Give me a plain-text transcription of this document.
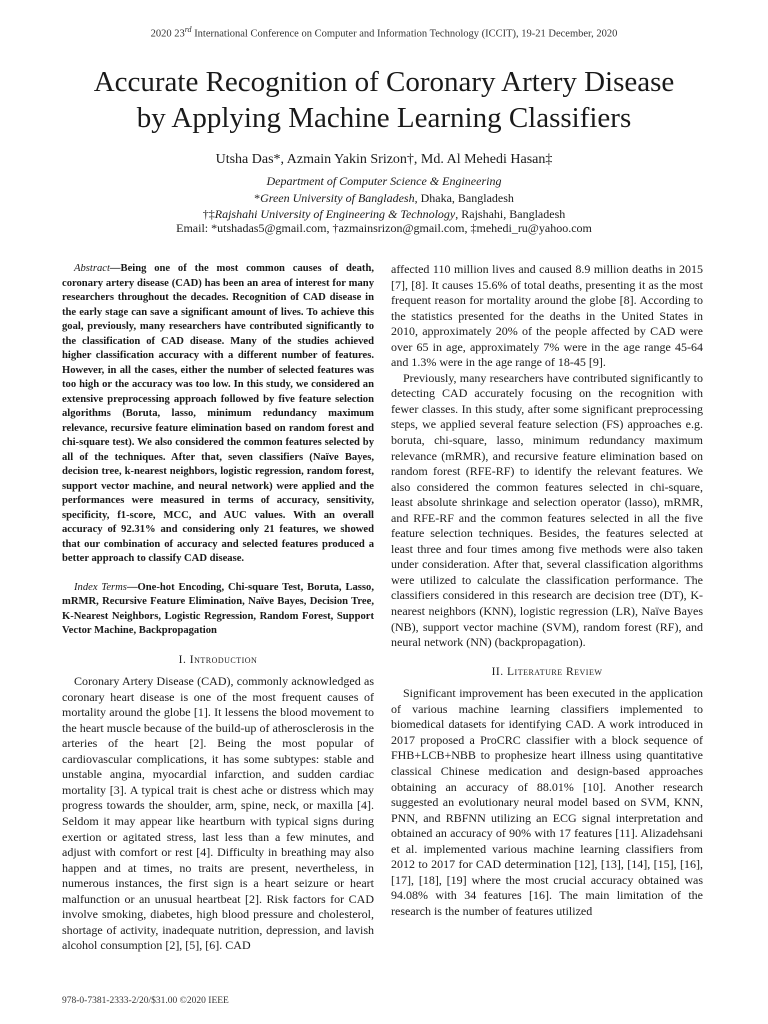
2020 23rd International Conference on Computer and Information Technology (ICCIT), 19-21 December, 2020
Accurate Recognition of Coronary Artery Disease
by Applying Machine Learning Classifiers
Utsha Das*, Azmain Yakin Srizon†, Md. Al Mehedi Hasan‡
Department of Computer Science & Engineering
*Green University of Bangladesh, Dhaka, Bangladesh
†‡Rajshahi University of Engineering & Technology, Rajshahi, Bangladesh
Email: *utshadas5@gmail.com, †azmainsrizon@gmail.com, ‡mehedi_ru@yahoo.com

Abstract—Being one of the most common causes of death, coronary artery disease (CAD) has been an area of interest for many researchers throughout the decades. Recognition of CAD disease in the early stage can save a significant amount of lives. To achieve this goal, previously, many researchers have contributed significantly to the classification of CAD disease. Many of the studies achieved higher classification accuracy with a different number of features. However, in all the cases, either the number of selected features was too high or the accuracy was too low. In this study, we considered an extensive preprocessing approach followed by five feature selection algorithms (Boruta, lasso, minimum redundancy maximum relevance, recursive feature elimination based on random forest and chi-square test). We also considered the common features selected by all of the techniques. After that, seven classifiers (Naïve Bayes, decision tree, k-nearest neighbors, logistic regression, random forest, support vector machine, and neural network) were applied and the performances were measured in terms of accuracy, sensitivity, specificity, f1-score, MCC, and AUC values. With an overall accuracy of 92.31% and considering only 21 features, we showed that our combination of accuracy and selected features produced a better approach to classify CAD disease.

Index Terms—One-hot Encoding, Chi-square Test, Boruta, Lasso, mRMR, Recursive Feature Elimination, Naïve Bayes, Decision Tree, K-Nearest Neighbors, Logistic Regression, Random Forest, Support Vector Machine, Backpropagation

I. Introduction

Coronary Artery Disease (CAD), commonly acknowledged as coronary heart disease is one of the most frequent causes of mortality around the globe [1]. It lessens the blood movement to the heart muscle because of the build-up of atherosclerosis in the arteries of the heart [2]. Being the most popular of cardiovascular complications, it has some subtypes: stable and unstable angina, myocardial infarction, and sudden cardiac mortality [3]. A typical trait is chest ache or distress which may progress towards the shoulder, arm, spine, neck, or maxilla [4]. Seldom it may appear like heartburn with typical signs during exertion or agitated stress, last less than a few minutes, and adjust with comfort or rest [4]. Difficulty in breathing may also happen and at times, no traits are present, nevertheless, in numerous instances, the first sign is a heart seizure or heart malfunction or an unusual heartbeat [2]. Risk factors for CAD involve smoking, diabetes, high blood pressure and cholesterol, shortage of activity, inadequate nutrition, depression, and lavish alcohol consumption [2], [5], [6]. CAD

affected 110 million lives and caused 8.9 million deaths in 2015 [7], [8]. It causes 15.6% of total deaths, presenting it as the most frequent reason for mortality around the globe [8]. According to the statistics presented for the deaths in the United States in 2010, approximately 20% of the people affected by CAD were over 65 in age, approximately 7% were in the age range 45-64 and 1.3% were in the age range of 18-45 [9].

Previously, many researchers have contributed significantly to detecting CAD accurately focusing on the recognition with fewer classes. In this study, after some significant preprocessing steps, we applied several feature selection (FS) approaches e.g. boruta, chi-square, lasso, minimum redundancy maximum relevance (mRMR), and recursive feature elimination based on random forest (RFE-RF) to identify the relevant features. We also considered the common features selected in chi-square, least absolute shrinkage and selection operator (lasso), mRMR, and RFE-RF and the common features selected in all the five feature selection techniques. Besides, the features selected at least three and four times among five methods were also taken under consideration. After that, several classification algorithms were utilized to calculate the classification performance. The classifiers considered in this research are decision tree (DT), K-nearest neighbors (KNN), logistic regression (LR), Naïve Bayes (NB), support vector machine (SVM), random forest (RF), and neural network (NN) (backpropagation).

II. Literature Review

Significant improvement has been executed in the application of various machine learning classifiers implemented to biomedical datasets for identifying CAD. A work introduced in 2017 proposed a ProCRC classifier with a block sequence of FHB+LCB+NBB to prophesize heart illness using quantitative classical Chinese medication and design-based approaches obtaining an accuracy of 88.01% [10]. Another research suggested an evolutionary neural model based on SVM, KNN, PNN, and RBFNN utilizing an ECG signal interpretation and obtained an accuracy of 90% with 17 features [11]. Alizadehsani et al. implemented various machine learning classifiers from 2012 to 2017 for CAD determination [12], [13], [14], [15], [16], [17], [18], [19] where the most crucial accuracy obtained was 94.08% with 34 features [16]. The main limitation of the research is the number of features utilized

978-0-7381-2333-2/20/$31.00 ©2020 IEEE
